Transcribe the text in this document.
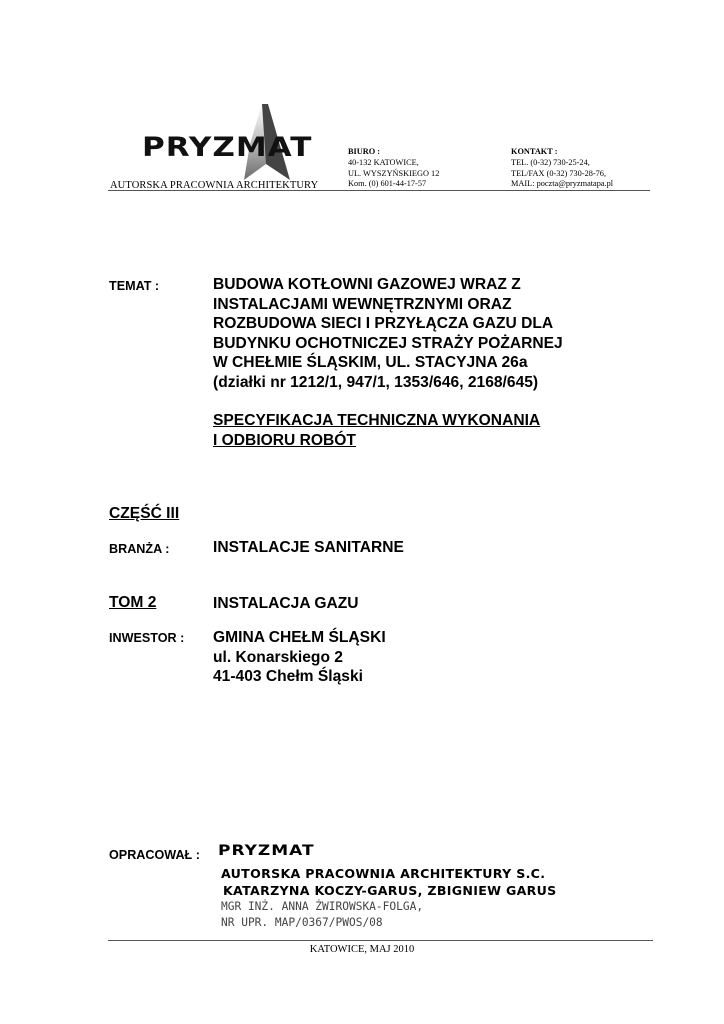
PRYZMAT
AUTORSKA PRACOWNIA ARCHITEKTURY
BIURO :
40-132 KATOWICE,
UL. WYSZYŃSKIEGO 12
Kom. (0) 601-44-17-57
KONTAKT :
TEL. (0-32) 730-25-24,
TEL/FAX (0-32) 730-28-76,
MAIL: poczta@pryzmatapa.pl
TEMAT :	BUDOWA KOTŁOWNI GAZOWEJ WRAZ Z
INSTALACJAMI WEWNĘTRZNYMI ORAZ
ROZBUDOWA SIECI I PRZYŁĄCZA GAZU DLA
BUDYNKU OCHOTNICZEJ STRAŻY POŻARNEJ
W CHEŁMIE ŚLĄSKIM, UL. STACYJNA 26a
(działki nr 1212/1, 947/1, 1353/646, 2168/645)
SPECYFIKACJA TECHNICZNA WYKONANIA
I ODBIORU ROBÓT
CZĘŚĆ III
BRANŻA :	INSTALACJE SANITARNE
TOM 2	INSTALACJA GAZU
INWESTOR : GMINA CHEŁM ŚLĄSKI
ul. Konarskiego 2
41-403 Chełm Śląski
OPRACOWAŁ : PRYZMAT
AUTORSKA PRACOWNIA ARCHITEKTURY S.C.
KATARZYNA KOCZY-GARUS, ZBIGNIEW GARUS
MGR INŻ. ANNA ŻWIROWSKA-FOLGA,
NR UPR. MAP/0367/PWOS/08
KATOWICE, MAJ 2010
